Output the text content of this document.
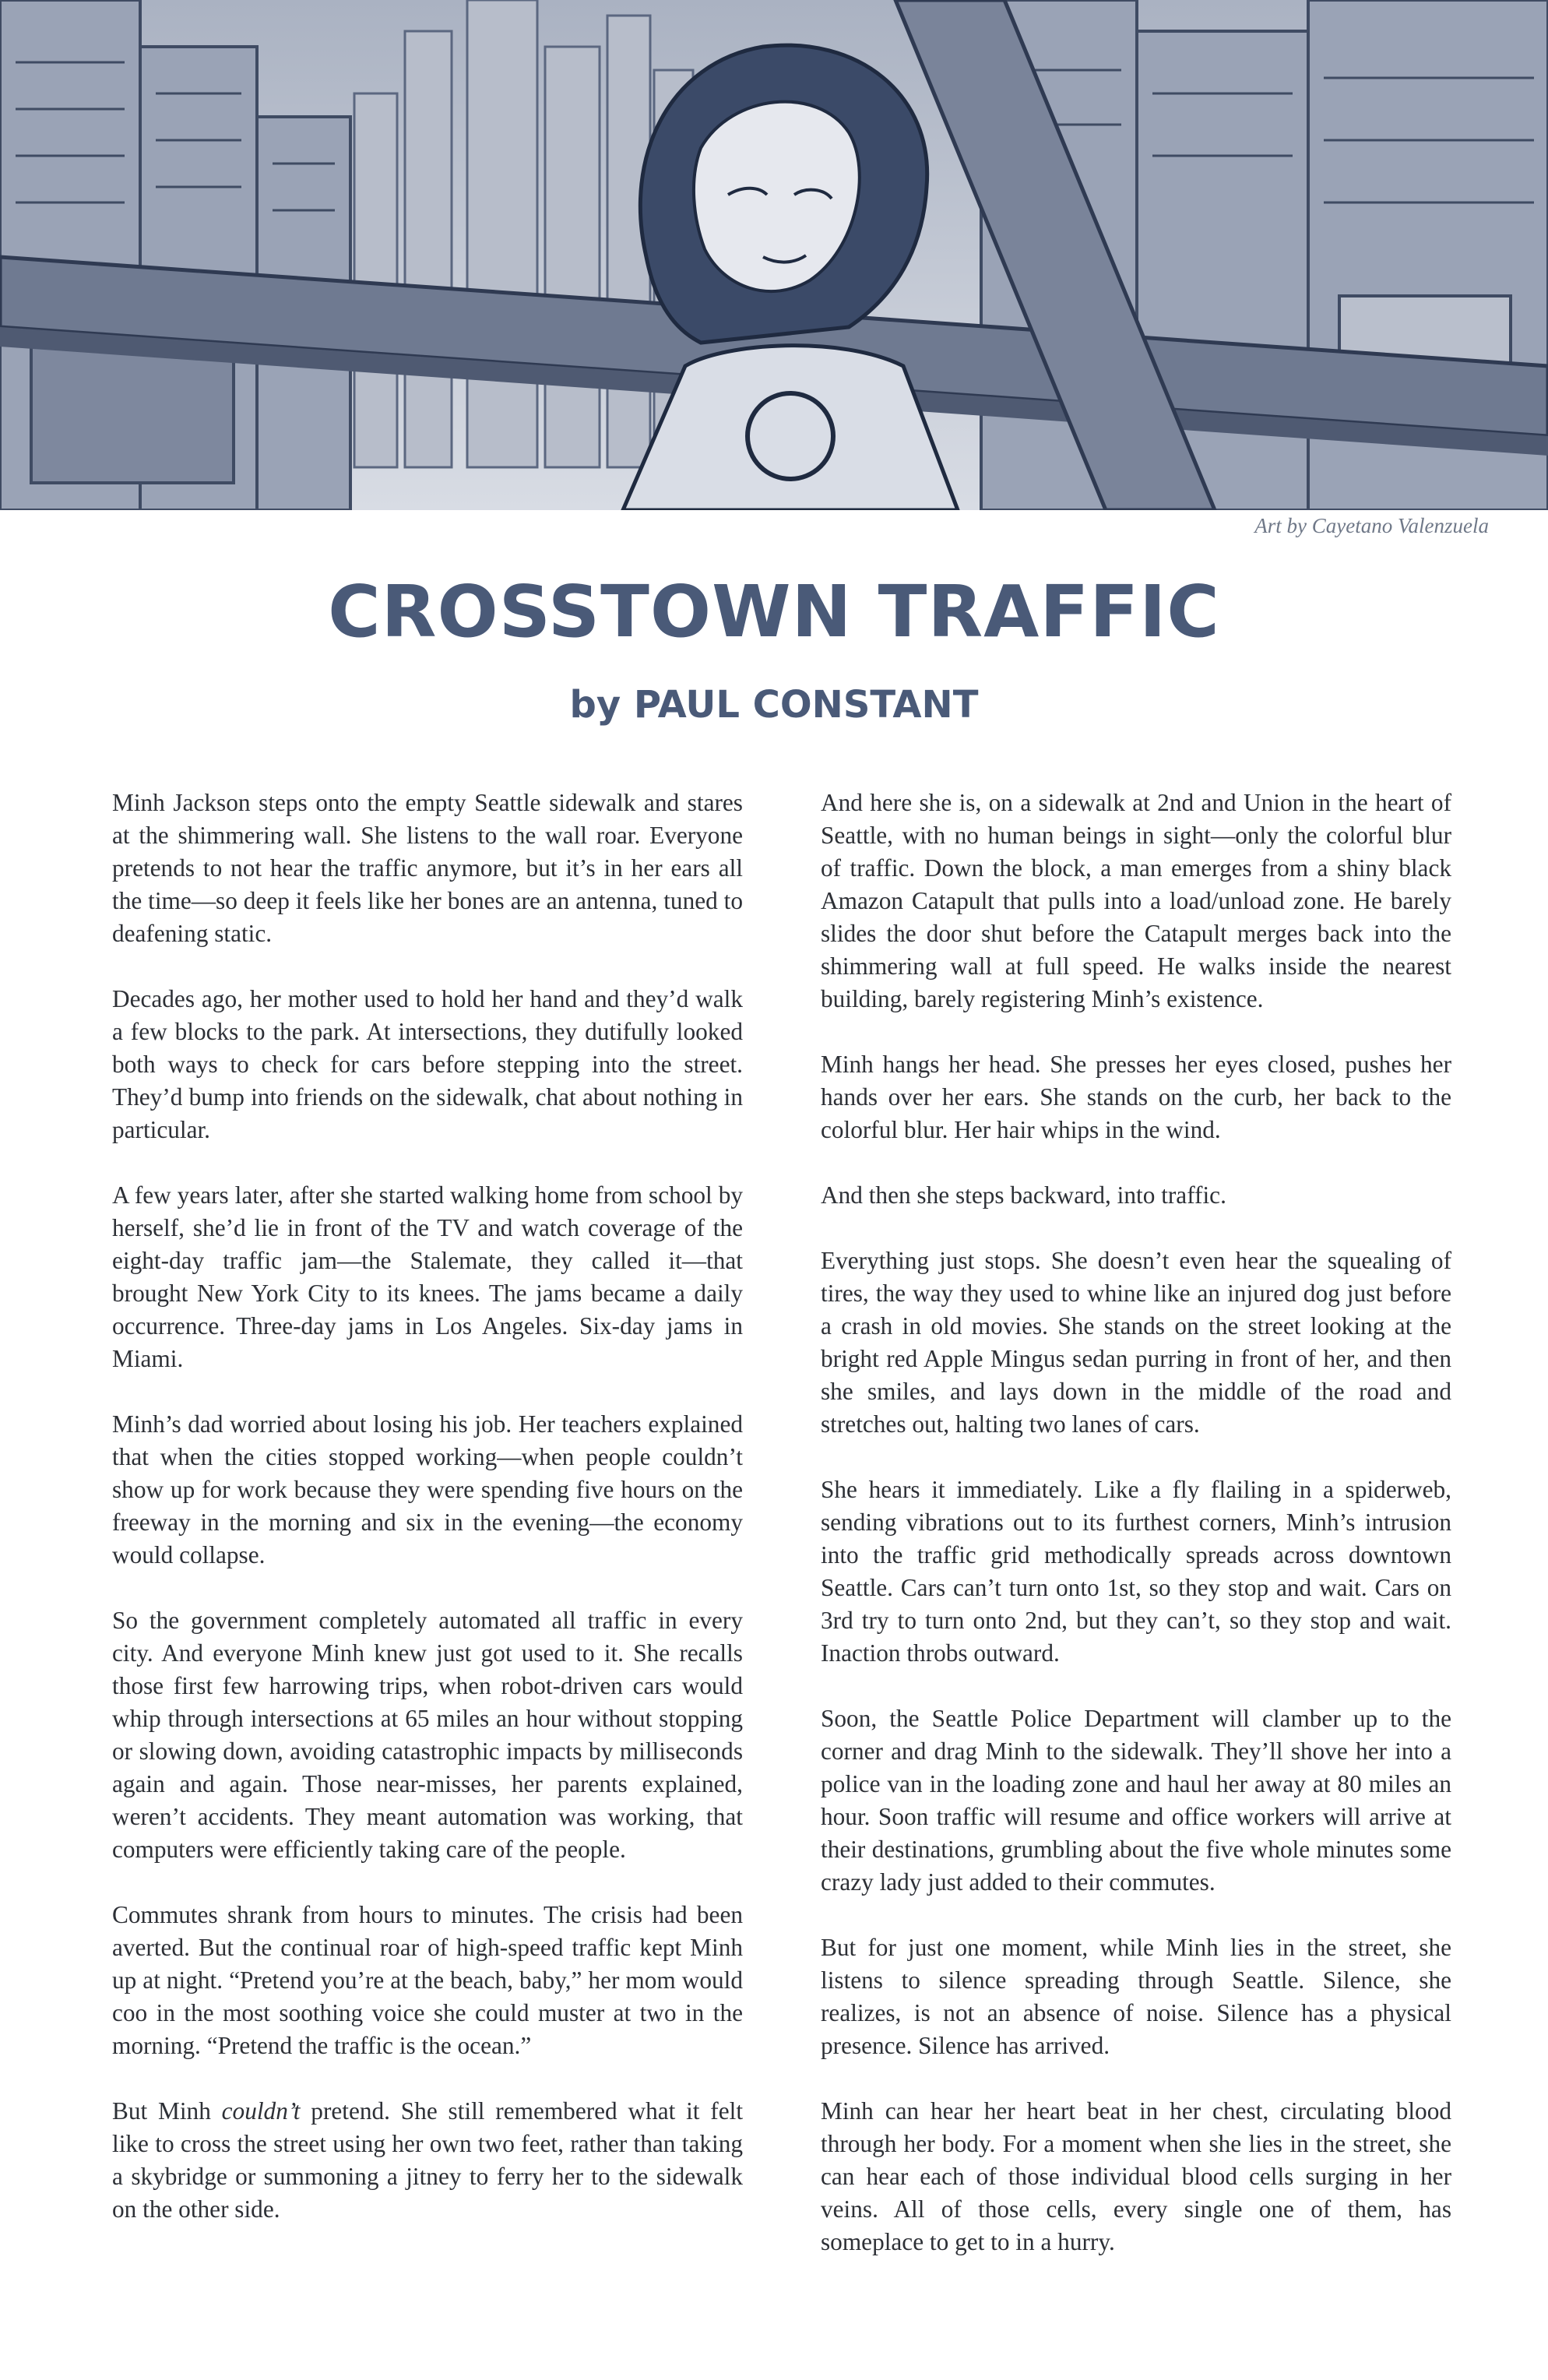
Art by Cayetano Valenzuela
CROSSTOWN TRAFFIC
by PAUL CONSTANT

Minh Jackson steps onto the empty Seattle sidewalk and stares at the shimmering wall. She listens to the wall roar. Everyone pretends to not hear the traffic anymore, but it’s in her ears all the time—so deep it feels like her bones are an antenna, tuned to deafening static.

Decades ago, her mother used to hold her hand and they’d walk a few blocks to the park. At intersections, they dutifully looked both ways to check for cars before stepping into the street. They’d bump into friends on the sidewalk, chat about nothing in particular.

A few years later, after she started walking home from school by herself, she’d lie in front of the TV and watch coverage of the eight-day traffic jam—the Stalemate, they called it—that brought New York City to its knees. The jams became a daily occurrence. Three-day jams in Los Angeles. Six-day jams in Miami.

Minh’s dad worried about losing his job. Her teachers explained that when the cities stopped working—when people couldn’t show up for work because they were spending five hours on the freeway in the morning and six in the evening—the economy would collapse.

So the government completely automated all traffic in every city. And everyone Minh knew just got used to it. She recalls those first few harrowing trips, when robot-driven cars would whip through intersections at 65 miles an hour without stopping or slowing down, avoiding catastrophic impacts by milliseconds again and again. Those near-misses, her parents explained, weren’t accidents. They meant automation was working, that computers were efficiently taking care of the people.

Commutes shrank from hours to minutes. The crisis had been averted. But the continual roar of high-speed traffic kept Minh up at night. “Pretend you’re at the beach, baby,” her mom would coo in the most soothing voice she could muster at two in the morning. “Pretend the traffic is the ocean.”

But Minh couldn’t pretend. She still remembered what it felt like to cross the street using her own two feet, rather than taking a skybridge or summoning a jitney to ferry her to the sidewalk on the other side.

And here she is, on a sidewalk at 2nd and Union in the heart of Seattle, with no human beings in sight—only the colorful blur of traffic. Down the block, a man emerges from a shiny black Amazon Catapult that pulls into a load/unload zone. He barely slides the door shut before the Catapult merges back into the shimmering wall at full speed. He walks inside the nearest building, barely registering Minh’s existence.

Minh hangs her head. She presses her eyes closed, pushes her hands over her ears. She stands on the curb, her back to the colorful blur. Her hair whips in the wind.

And then she steps backward, into traffic.

Everything just stops. She doesn’t even hear the squealing of tires, the way they used to whine like an injured dog just before a crash in old movies. She stands on the street looking at the bright red Apple Mingus sedan purring in front of her, and then she smiles, and lays down in the middle of the road and stretches out, halting two lanes of cars.

She hears it immediately. Like a fly flailing in a spiderweb, sending vibrations out to its furthest corners, Minh’s intrusion into the traffic grid methodically spreads across downtown Seattle. Cars can’t turn onto 1st, so they stop and wait. Cars on 3rd try to turn onto 2nd, but they can’t, so they stop and wait. Inaction throbs outward.

Soon, the Seattle Police Department will clamber up to the corner and drag Minh to the sidewalk. They’ll shove her into a police van in the loading zone and haul her away at 80 miles an hour. Soon traffic will resume and office workers will arrive at their destinations, grumbling about the five whole minutes some crazy lady just added to their commutes.

But for just one moment, while Minh lies in the street, she listens to silence spreading through Seattle. Silence, she realizes, is not an absence of noise. Silence has a physical presence. Silence has arrived.

Minh can hear her heart beat in her chest, circulating blood through her body. For a moment when she lies in the street, she can hear each of those individual blood cells surging in her veins. All of those cells, every single one of them, has someplace to get to in a hurry.
